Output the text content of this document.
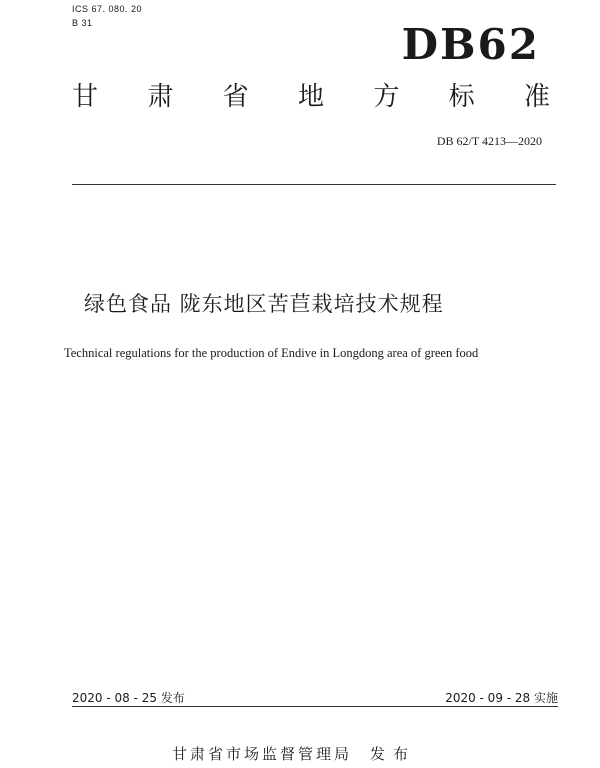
ICS 67. 080. 20
B 31	DB62
甘 肃 省 地 方 标 准
DB 62/T 4213—2020
绿色食品 陇东地区苦苣栽培技术规程
Technical regulations for the production of Endive in Longdong area of green food
2020 - 08 - 25 发布	2020 - 09 - 28 实施
甘肃省市场监督管理局 发布
